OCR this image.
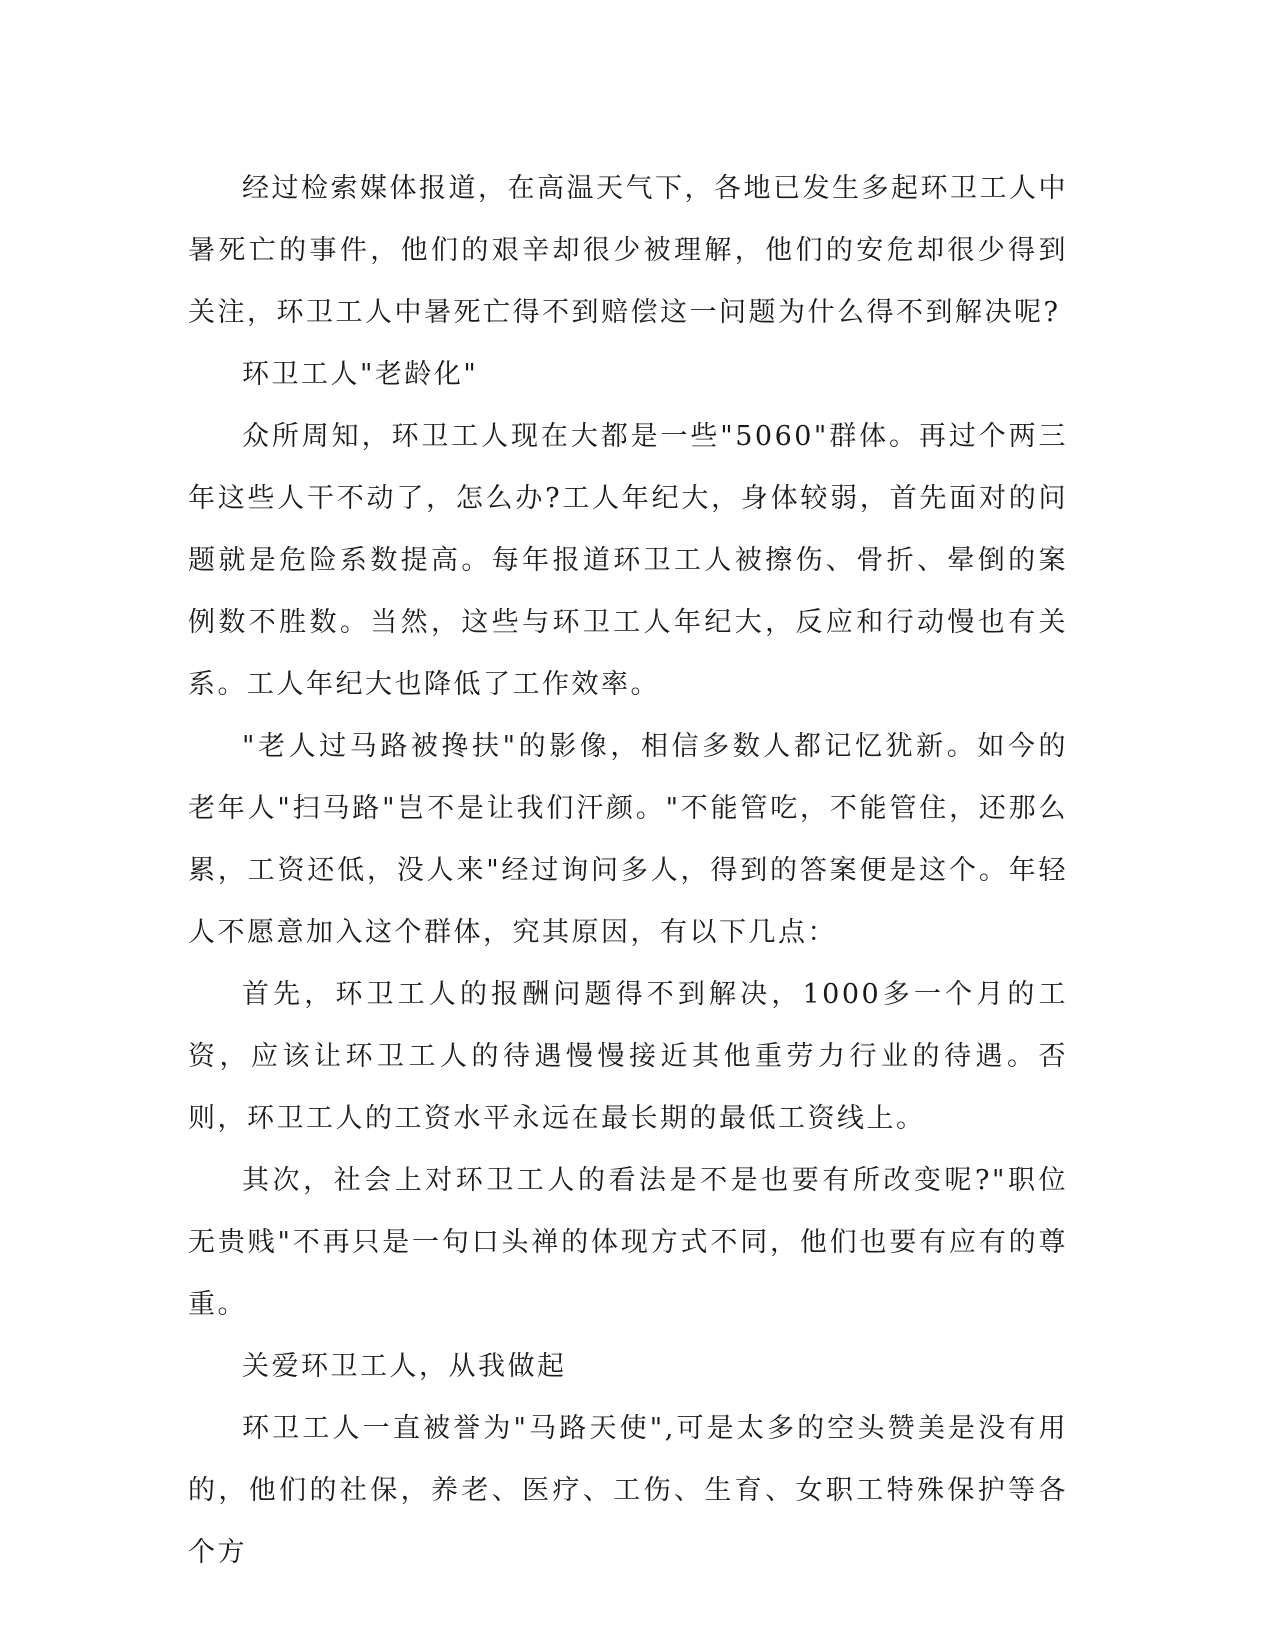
经过检索媒体报道，在高温天气下，各地已发生多起环卫工人中暑死亡的事件，他们的艰辛却很少被理解，他们的安危却很少得到关注，环卫工人中暑死亡得不到赔偿这一问题为什么得不到解决呢?

环卫工人"老龄化"

众所周知，环卫工人现在大都是一些"5060"群体。再过个两三年这些人干不动了，怎么办?工人年纪大，身体较弱，首先面对的问题就是危险系数提高。每年报道环卫工人被擦伤、骨折、晕倒的案例数不胜数。当然，这些与环卫工人年纪大，反应和行动慢也有关系。工人年纪大也降低了工作效率。

"老人过马路被搀扶"的影像，相信多数人都记忆犹新。如今的老年人"扫马路"岂不是让我们汗颜。"不能管吃，不能管住，还那么累，工资还低，没人来"经过询问多人，得到的答案便是这个。年轻人不愿意加入这个群体，究其原因，有以下几点：

首先，环卫工人的报酬问题得不到解决，1000多一个月的工资，应该让环卫工人的待遇慢慢接近其他重劳力行业的待遇。否则，环卫工人的工资水平永远在最长期的最低工资线上。

其次，社会上对环卫工人的看法是不是也要有所改变呢?"职位无贵贱"不再只是一句口头禅的体现方式不同，他们也要有应有的尊重。

关爱环卫工人，从我做起

环卫工人一直被誉为"马路天使",可是太多的空头赞美是没有用的，他们的社保，养老、医疗、工伤、生育、女职工特殊保护等各个方
